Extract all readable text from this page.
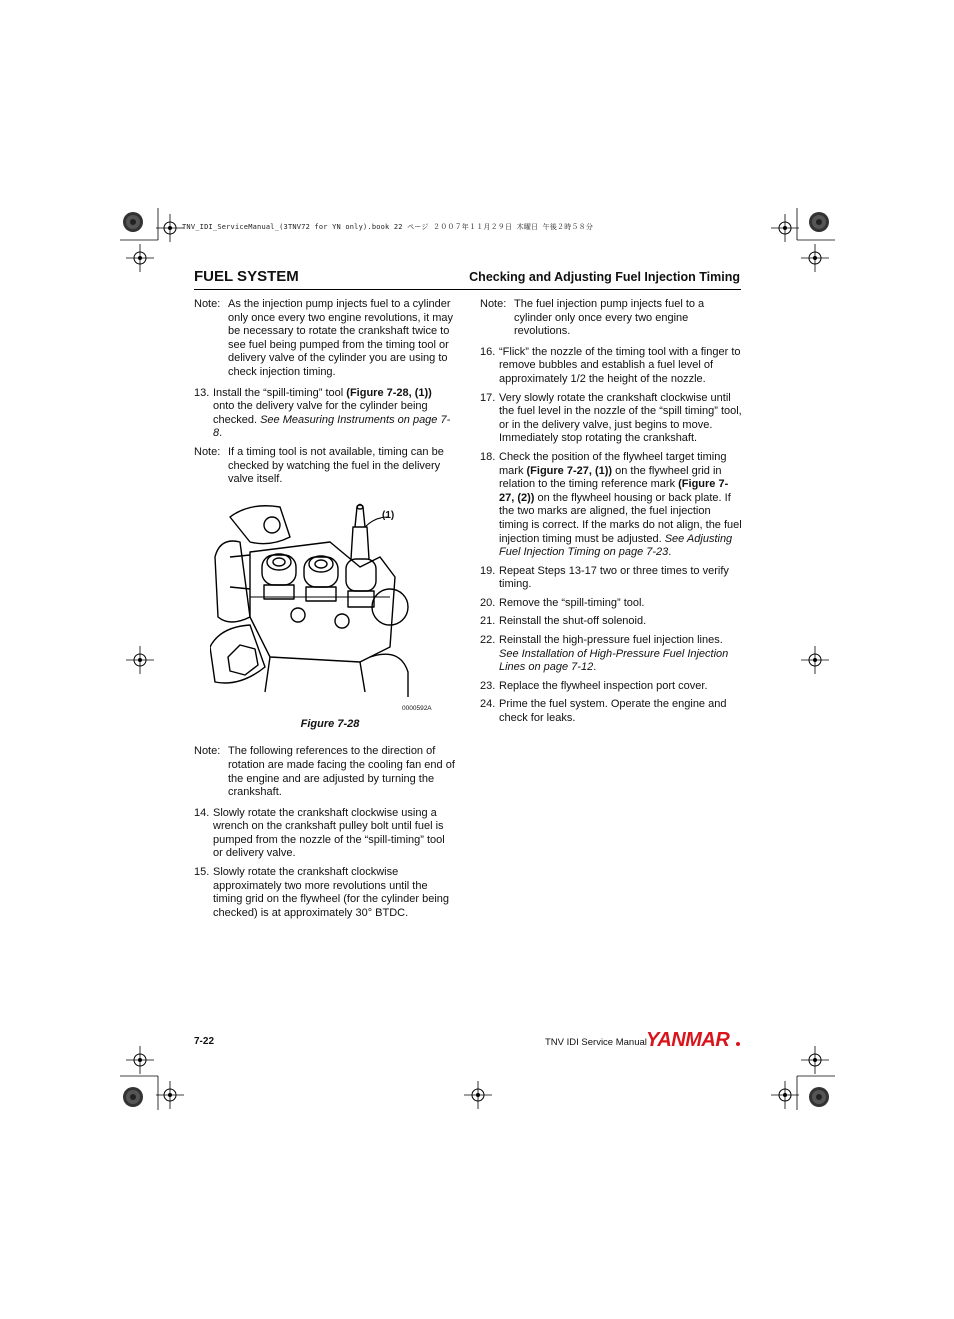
TNV_IDI_ServiceManual_(3TNV72 for YN only).book 22 ページ ２００７年１１月２９日 木曜日 午後２時５８分
FUEL SYSTEM	Checking and Adjusting Fuel Injection Timing
Note: As the injection pump injects fuel to a cylinder only once every two engine revolutions, it may be necessary to rotate the crankshaft twice to see fuel being pumped from the timing tool or delivery valve of the cylinder you are using to check injection timing.
13. Install the “spill-timing” tool (Figure 7-28, (1)) onto the delivery valve for the cylinder being checked. See Measuring Instruments on page 7-8.
Note: If a timing tool is not available, timing can be checked by watching the fuel in the delivery valve itself.
(1)
0000592A
Figure 7-28
Note: The following references to the direction of rotation are made facing the cooling fan end of the engine and are adjusted by turning the crankshaft.
14. Slowly rotate the crankshaft clockwise using a wrench on the crankshaft pulley bolt until fuel is pumped from the nozzle of the “spill-timing” tool or delivery valve.
15. Slowly rotate the crankshaft clockwise approximately two more revolutions until the timing grid on the flywheel (for the cylinder being checked) is at approximately 30° BTDC.
Note: The fuel injection pump injects fuel to a cylinder only once every two engine revolutions.
16. “Flick” the nozzle of the timing tool with a finger to remove bubbles and establish a fuel level of approximately 1/2 the height of the nozzle.
17. Very slowly rotate the crankshaft clockwise until the fuel level in the nozzle of the “spill timing” tool, or in the delivery valve, just begins to move. Immediately stop rotating the crankshaft.
18. Check the position of the flywheel target timing mark (Figure 7-27, (1)) on the flywheel grid in relation to the timing reference mark (Figure 7-27, (2)) on the flywheel housing or back plate. If the two marks are aligned, the fuel injection timing is correct. If the marks do not align, the fuel injection timing must be adjusted. See Adjusting Fuel Injection Timing on page 7-23.
19. Repeat Steps 13-17 two or three times to verify timing.
20. Remove the “spill-timing” tool.
21. Reinstall the shut-off solenoid.
22. Reinstall the high-pressure fuel injection lines. See Installation of High-Pressure Fuel Injection Lines on page 7-12.
23. Replace the flywheel inspection port cover.
24. Prime the fuel system. Operate the engine and check for leaks.
7-22	TNV IDI Service Manual YANMAR
